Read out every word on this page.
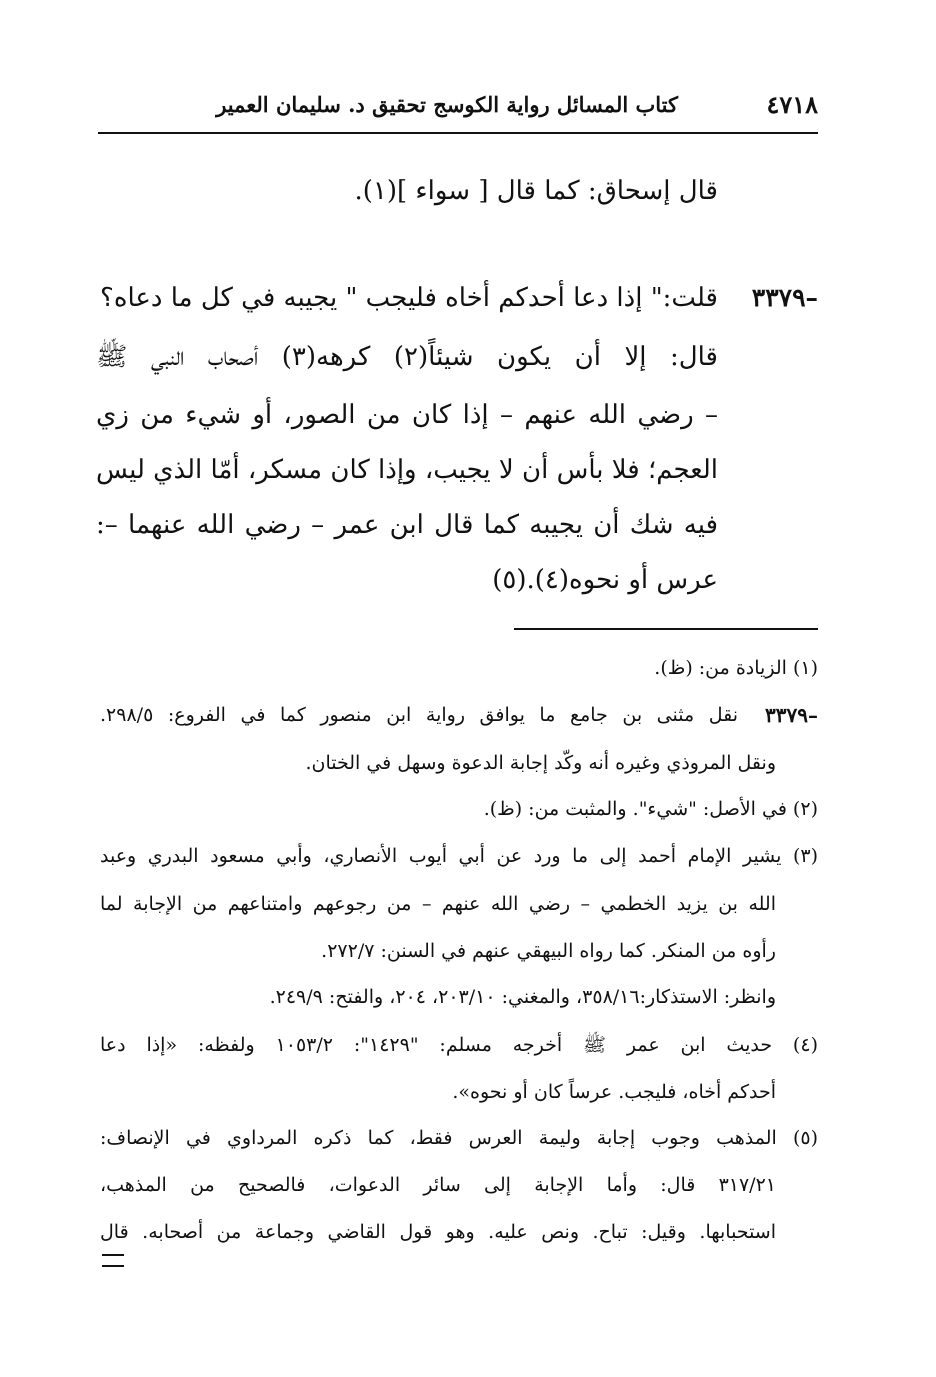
٤٧١٨
كتاب المسائل رواية الكوسج تحقيق د. سليمان العمير
قال إسحاق: كما قال [ سواء ](١).
٣٣٧٩–
قلت:" إذا دعا أحدكم أخاه فليجب " يجيبه في كل ما دعاه؟
قال: إلا أن يكون شيئاً(٢) كرهه(٣) أصحاب النبي ﷺ
– رضي الله عنهم – إذا كان من الصور، أو شيء من زي
العجم؛ فلا بأس أن لا يجيب، وإذا كان مسكر، أمّا الذي ليس
فيه شك أن يجيبه كما قال ابن عمر – رضي الله عنهما –:
عرس أو نحوه(٤).(٥)
(١) الزيادة من: (ظ).
٣٣٧٩–
نقل مثنى بن جامع ما يوافق رواية ابن منصور كما في الفروع: ٢٩٨/٥.
ونقل المروذي وغيره أنه وكّد إجابة الدعوة وسهل في الختان.
(٢) في الأصل: "شيء". والمثبت من: (ظ).
(٣) يشير الإمام أحمد إلى ما ورد عن أبي أيوب الأنصاري، وأبي مسعود البدري وعبد
الله بن يزيد الخطمي – رضي الله عنهم – من رجوعهم وامتناعهم من الإجابة لما
رأوه من المنكر. كما رواه البيهقي عنهم في السنن: ٢٧٢/٧.
وانظر: الاستذكار:٣٥٨/١٦، والمغني: ٢٠٣/١٠، ٢٠٤، والفتح: ٢٤٩/٩.
(٤) حديث ابن عمر ﷺ أخرجه مسلم: "١٤٢٩": ١٠٥٣/٢ ولفظه: «إذا دعا
أحدكم أخاه، فليجب. عرساً كان أو نحوه».
(٥) المذهب وجوب إجابة وليمة العرس فقط، كما ذكره المرداوي في الإنصاف:
٣١٧/٢١ قال: وأما الإجابة إلى سائر الدعوات، فالصحيح من المذهب،
استحبابها. وقيل: تباح. ونص عليه. وهو قول القاضي وجماعة من أصحابه. قال
